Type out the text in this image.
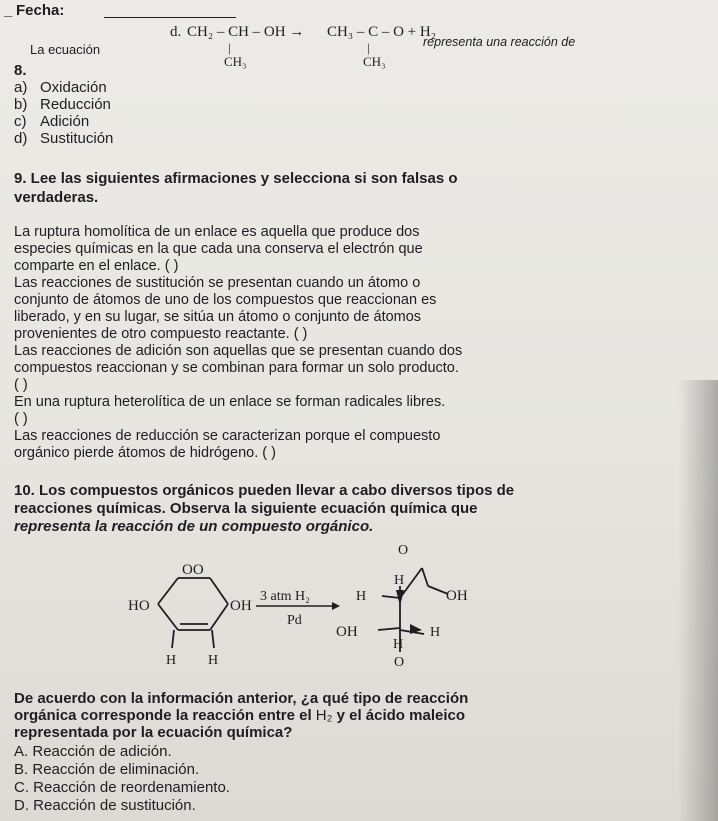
_ Fecha:
La ecuación
8.
d. CH₂ – CH – OH →
|
CH₃
CH₃ – C – O + H₂
|
CH₃
representa una reacción de
a) Oxidación
b) Reducción
c) Adición
d) Sustitución
9. Lee las siguientes afirmaciones y selecciona si son falsas o
verdaderas.
La ruptura homolítica de un enlace es aquella que produce dos
especies químicas en la que cada una conserva el electrón que
comparte en el enlace. ( )
Las reacciones de sustitución se presentan cuando un átomo o
conjunto de átomos de uno de los compuestos que reaccionan es
liberado, y en su lugar, se sitúa un átomo o conjunto de átomos
provenientes de otro compuesto reactante. ( )
Las reacciones de adición son aquellas que se presentan cuando dos
compuestos reaccionan y se combinan para formar un solo producto.
( )
En una ruptura heterolítica de un enlace se forman radicales libres.
( )
Las reacciones de reducción se caracterizan porque el compuesto
orgánico pierde átomos de hidrógeno. ( )
10. Los compuestos orgánicos pueden llevar a cabo diversos tipos de
reacciones químicas. Observa la siguiente ecuación química que
representa la reacción de un compuesto orgánico.
HO	OH
OO
H H
3 atm H₂
Pd
O
H
H
OH
OH	H
H
O
De acuerdo con la información anterior, ¿a qué tipo de reacción
orgánica corresponde la reacción entre el H₂ y el ácido maleico
representada por la ecuación química?
A. Reacción de adición.
B. Reacción de eliminación.
C. Reacción de reordenamiento.
D. Reacción de sustitución.
